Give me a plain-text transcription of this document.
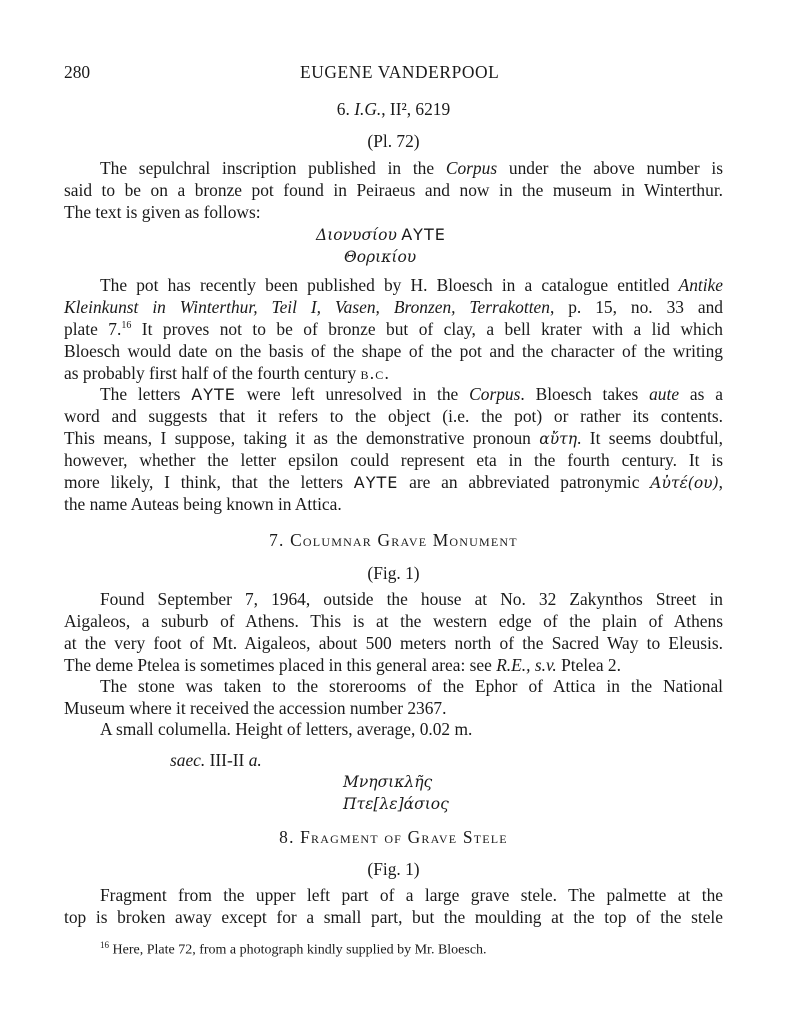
280	EUGENE VANDERPOOL
6. I.G., II², 6219
(Pl. 72)
The sepulchral inscription published in the Corpus under the above number is
said to be on a bronze pot found in Peiraeus and now in the museum in Winterthur.
The text is given as follows:
Διονυσίου ΑΥΤΕ
Θορικίου
The pot has recently been published by H. Bloesch in a catalogue entitled Antike
Kleinkunst in Winterthur, Teil I, Vasen, Bronzen, Terrakotten, p. 15, no. 33 and
plate 7.16 It proves not to be of bronze but of clay, a bell krater with a lid which
Bloesch would date on the basis of the shape of the pot and the character of the writing
as probably first half of the fourth century b.c.
The letters ΑΥΤΕ were left unresolved in the Corpus. Bloesch takes aute as a
word and suggests that it refers to the object (i.e. the pot) or rather its contents.
This means, I suppose, taking it as the demonstrative pronoun αὔτη. It seems doubtful,
however, whether the letter epsilon could represent eta in the fourth century. It is
more likely, I think, that the letters ΑΥΤΕ are an abbreviated patronymic Αὐτέ(ου),
the name Auteas being known in Attica.
7. Columnar Grave Monument
(Fig. 1)
Found September 7, 1964, outside the house at No. 32 Zakynthos Street in
Aigaleos, a suburb of Athens. This is at the western edge of the plain of Athens
at the very foot of Mt. Aigaleos, about 500 meters north of the Sacred Way to Eleusis.
The deme Ptelea is sometimes placed in this general area: see R.E., s.v. Ptelea 2.
The stone was taken to the storerooms of the Ephor of Attica in the National
Museum where it received the accession number 2367.
A small columella. Height of letters, average, 0.02 m.
saec. III-II a.
Μνησικλῆς
Πτε[λε]άσιος
8. Fragment of Grave Stele
(Fig. 1)
Fragment from the upper left part of a large grave stele. The palmette at the
top is broken away except for a small part, but the moulding at the top of the stele
$^{16}$ Here, Plate 72, from a photograph kindly supplied by Mr. Bloesch.
